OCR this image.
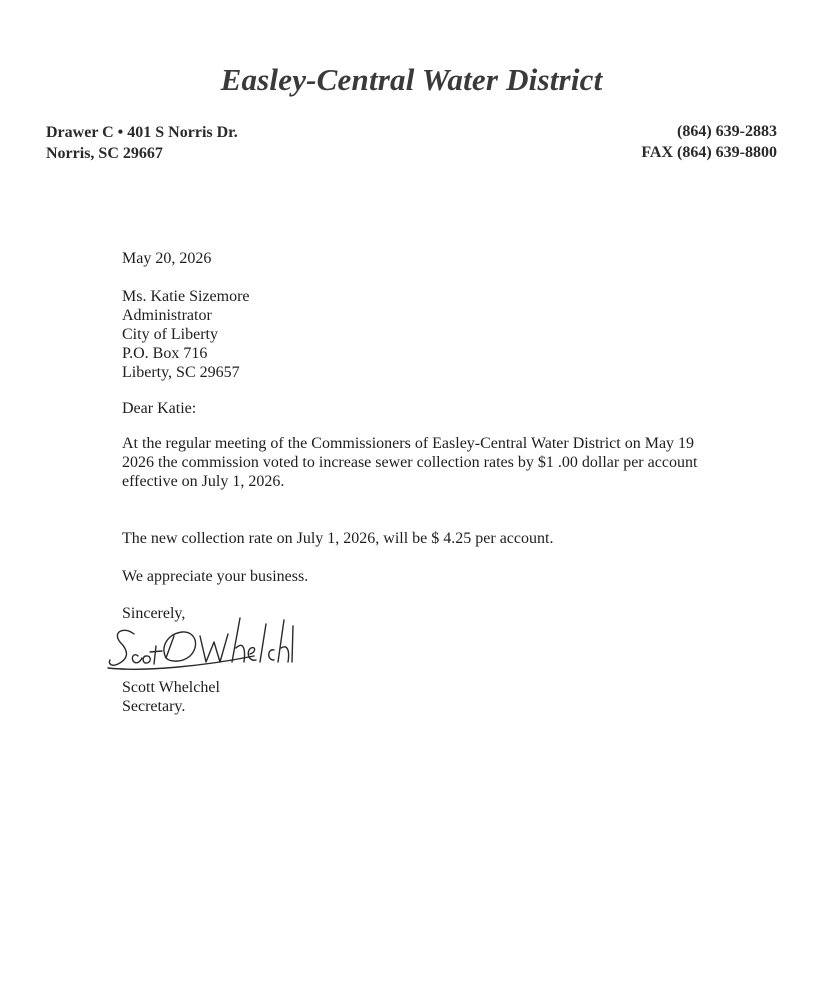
Easley-Central Water District
Drawer C • 401 S Norris Dr.
Norris, SC 29667
(864) 639-2883
FAX (864) 639-8800
May 20, 2026
Ms. Katie Sizemore
Administrator
City of Liberty
P.O. Box 716
Liberty, SC 29657
Dear Katie:
At the regular meeting of the Commissioners of Easley-Central Water District on May 19
2026 the commission voted to increase sewer collection rates by $1 .00 dollar per account
effective on July 1, 2026.
The new collection rate on July 1, 2026, will be $ 4.25 per account.
We appreciate your business.
Sincerely,
Scott Whelchel
Secretary.
